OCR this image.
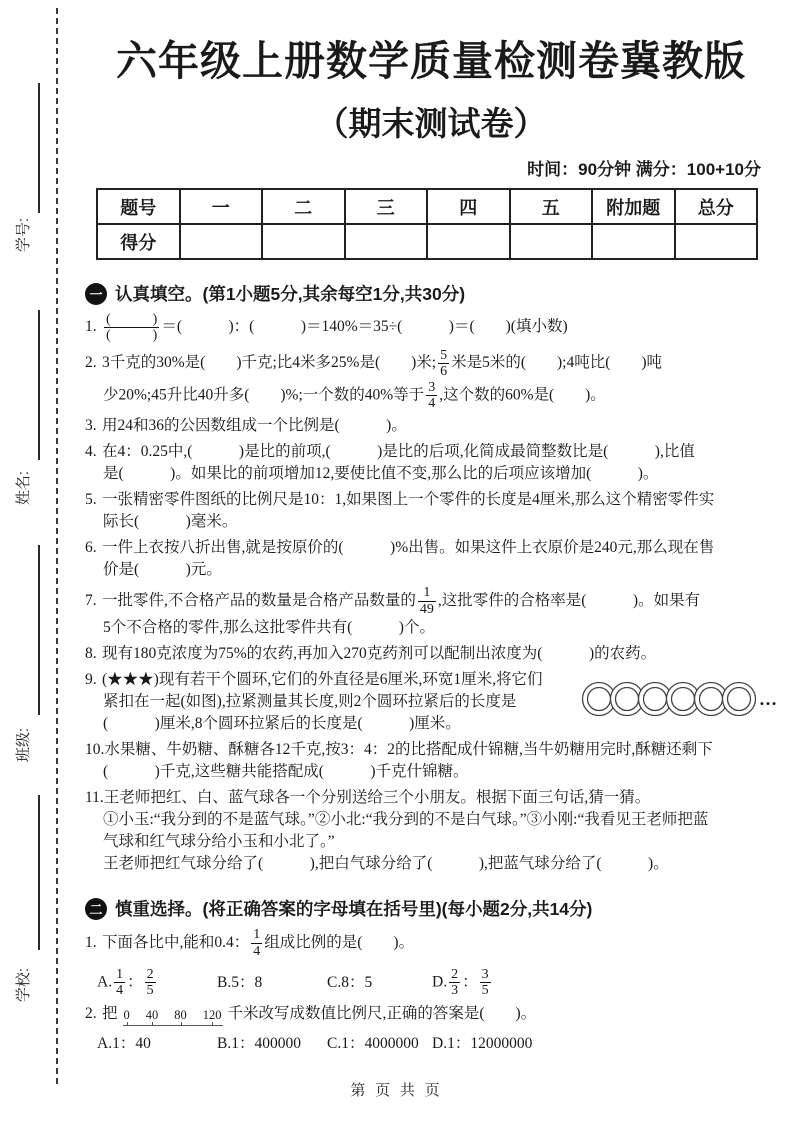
学号:
姓名:
班级:
学校:
六年级上册数学质量检测卷冀教版
（期末测试卷）
时间：90分钟 满分：100+10分
题号	一	二	三	四	五	附加题	总分
得分							
一 认真填空。(第1小题5分,其余每空1分,共30分)
1. $\frac{( )}{( )}$ ＝(　　　)：(　　　)＝140%＝35÷(　　　)＝(　　)(填小数)
2. 3千克的30%是(　　)千克;比4米多25%是(　　)米; $\frac{5}{6}$ 米是5米的(　　);4吨比(　　)吨
少20%;45升比40升多(　　)%;一个数的40%等于 $\frac{3}{4}$ ,这个数的60%是(　　)。
3. 用24和36的公因数组成一个比例是(　　　)。
4. 在4：0.25中,(　　　)是比的前项,(　　　)是比的后项,化简成最简整数比是(　　　),比值
是(　　　)。如果比的前项增加12,要使比值不变,那么比的后项应该增加(　　　)。
5. 一张精密零件图纸的比例尺是10：1,如果图上一个零件的长度是4厘米,那么这个精密零件实
际长(　　　)毫米。
6. 一件上衣按八折出售,就是按原价的(　　　)%出售。如果这件上衣原价是240元,那么现在售
价是(　　　)元。
7. 一批零件,不合格产品的数量是合格产品数量的 $\frac{1}{49}$ ,这批零件的合格率是(　　　)。如果有
5个不合格的零件,那么这批零件共有(　　　)个。
8. 现有180克浓度为75%的农药,再加入270克药剂可以配制出浓度为(　　　)的农药。
…
9. (★★★)现有若干个圆环,它们的外直径是6厘米,环宽1厘米,将它们
紧扣在一起(如图),拉紧测量其长度,则2个圆环拉紧后的长度是
(　　　)厘米,8个圆环拉紧后的长度是(　　　)厘米。
10.水果糖、牛奶糖、酥糖各12千克,按3：4：2的比搭配成什锦糖,当牛奶糖用完时,酥糖还剩下
(　　　)千克,这些糖共能搭配成(　　　)千克什锦糖。
11.王老师把红、白、蓝气球各一个分别送给三个小朋友。根据下面三句话,猜一猜。
①小玉:“我分到的不是蓝气球。”②小北:“我分到的不是白气球。”③小刚:“我看见王老师把蓝
气球和红气球分给小玉和小北了。”
王老师把红气球分给了(　　　),把白气球分给了(　　　),把蓝气球分给了(　　　)。
二 慎重选择。(将正确答案的字母填在括号里)(每小题2分,共14分)
1. 下面各比中,能和0.4： $\frac{1}{4}$ 组成比例的是(　　)。
A. $\frac{1}{4}$ ： $\frac{2}{5}$	B.5：8	C.8：5	D. $\frac{2}{3}$ ： $\frac{3}{5}$
2. 把 0 40 80 120 千米改写成数值比例尺,正确的答案是(　　)。
A.1：40	B.1：400000	C.1：4000000 D.1：12000000
第 页 共 页
